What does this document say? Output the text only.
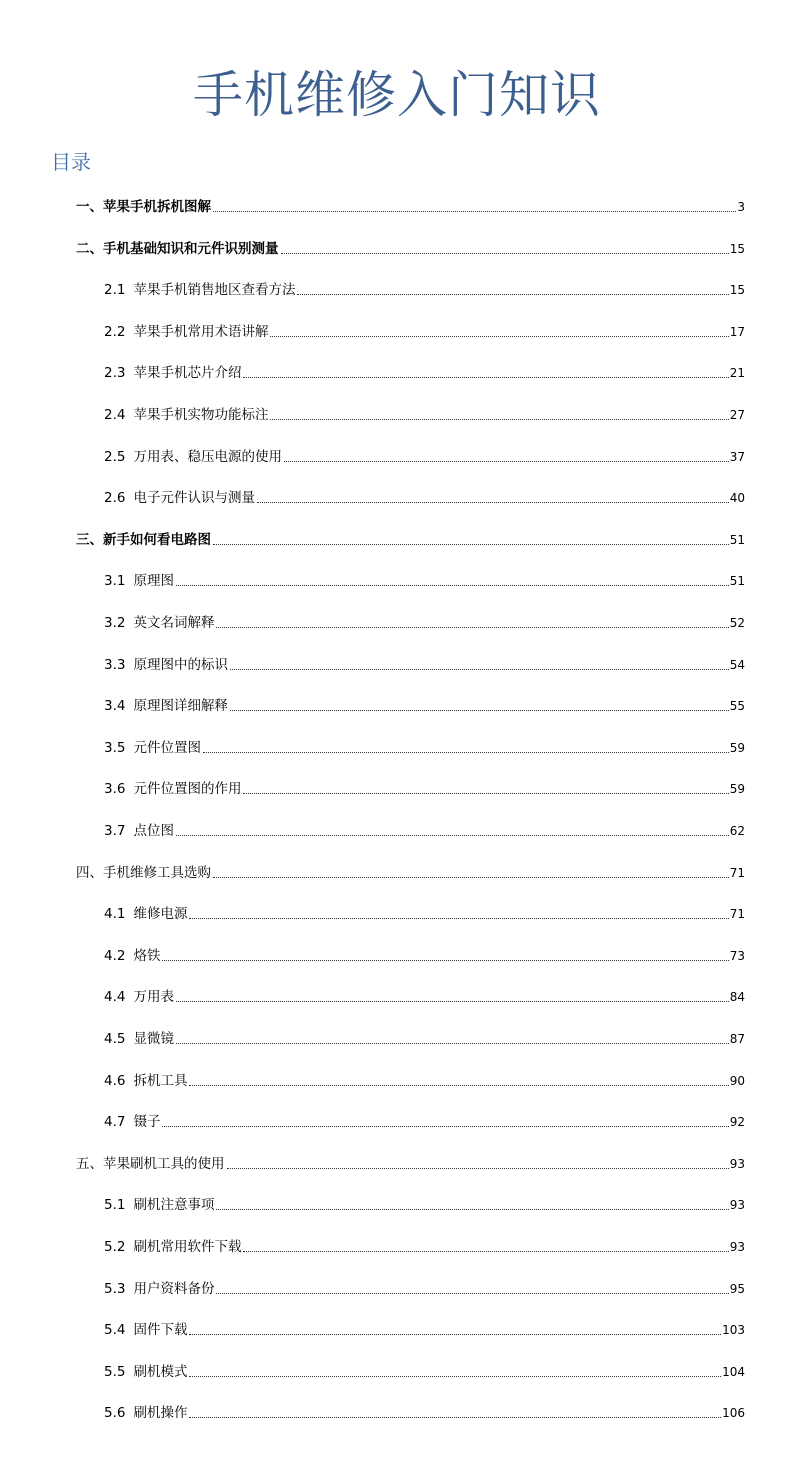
手机维修入门知识
目录
一、苹果手机拆机图解	3
二、手机基础知识和元件识别测量	15
2.1 苹果手机销售地区查看方法	15
2.2 苹果手机常用术语讲解	17
2.3 苹果手机芯片介绍	21
2.4 苹果手机实物功能标注	27
2.5 万用表、稳压电源的使用	37
2.6 电子元件认识与测量	40
三、新手如何看电路图	51
3.1 原理图	51
3.2 英文名词解释	52
3.3 原理图中的标识	54
3.4 原理图详细解释	55
3.5 元件位置图	59
3.6 元件位置图的作用	59
3.7 点位图	62
四、手机维修工具选购	71
4.1 维修电源	71
4.2 烙铁	73
4.4 万用表	84
4.5 显微镜	87
4.6 拆机工具	90
4.7 镊子	92
五、苹果刷机工具的使用	93
5.1 刷机注意事项	93
5.2 刷机常用软件下载	93
5.3 用户资料备份	95
5.4 固件下载	103
5.5 刷机模式	104
5.6 刷机操作	106
